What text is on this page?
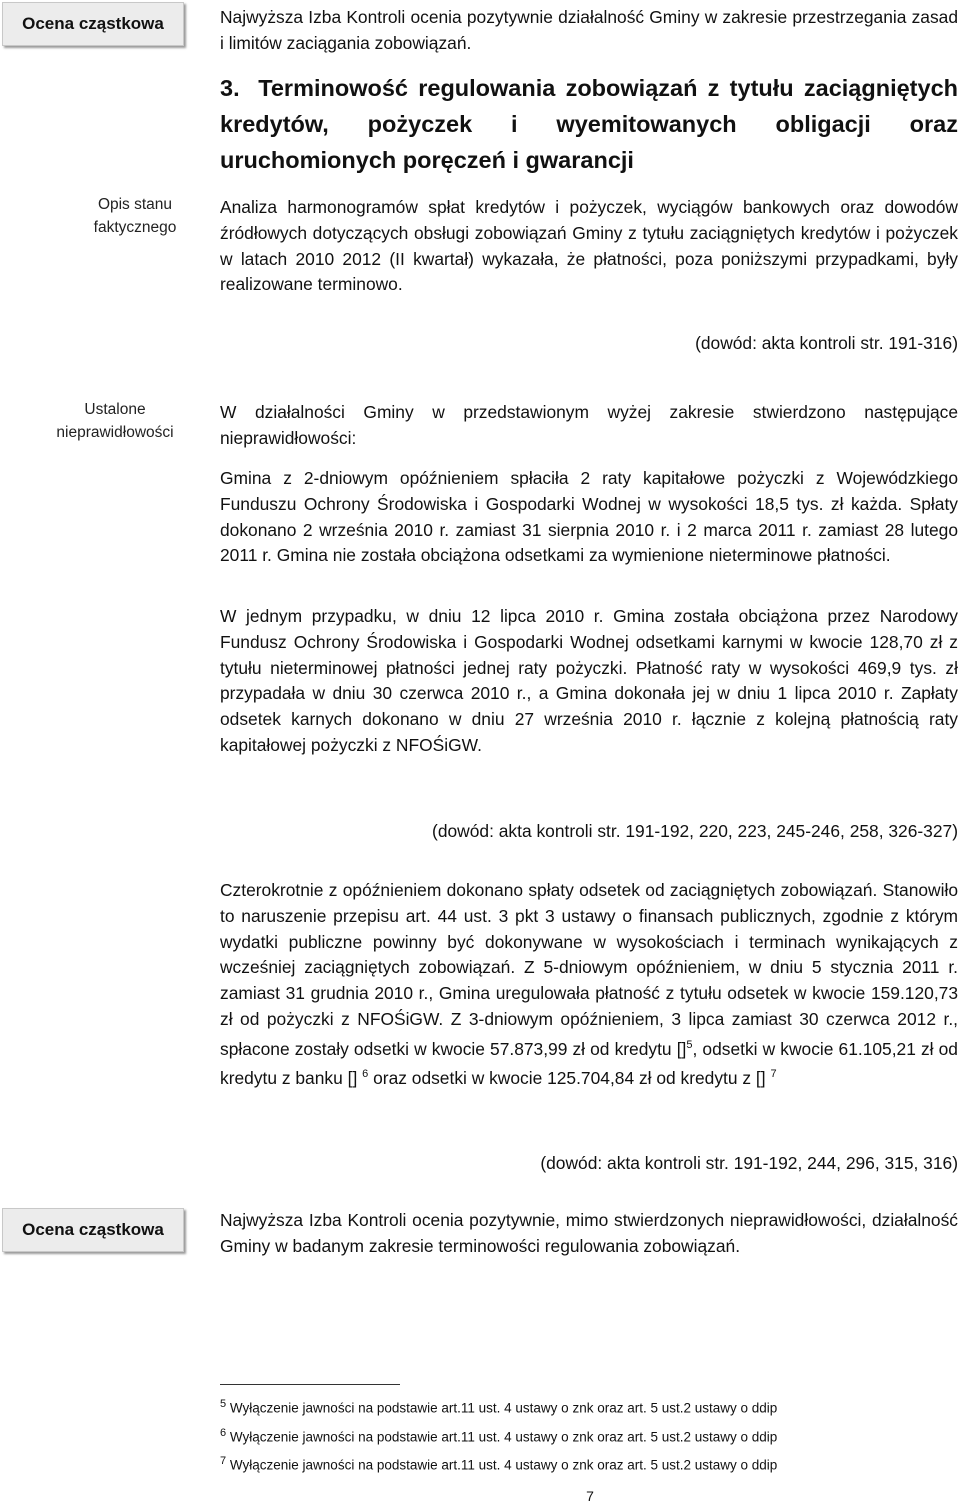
Ocena cząstkowa	Najwyższa Izba Kontroli ocenia pozytywnie działalność Gminy w zakresie przestrzegania zasad i limitów zaciągania zobowiązań.
3. Terminowość regulowania zobowiązań z tytułu zaciągniętych kredytów, pożyczek i wyemitowanych obligacji oraz uruchomionych poręczeń i gwarancji
Opis stanu faktycznego
Analiza harmonogramów spłat kredytów i pożyczek, wyciągów bankowych oraz dowodów źródłowych dotyczących obsługi zobowiązań Gminy z tytułu zaciągniętych kredytów i pożyczek w latach 2010 2012 (II kwartał) wykazała, że płatności, poza poniższymi przypadkami, były realizowane terminowo.
(dowód: akta kontroli str. 191-316)
Ustalone nieprawidłowości
W działalności Gminy w przedstawionym wyżej zakresie stwierdzono następujące nieprawidłowości:
Gmina z 2-dniowym opóźnieniem spłaciła 2 raty kapitałowe pożyczki z Wojewódzkiego Funduszu Ochrony Środowiska i Gospodarki Wodnej w wysokości 18,5 tys. zł każda. Spłaty dokonano 2 września 2010 r. zamiast 31 sierpnia 2010 r. i 2 marca 2011 r. zamiast 28 lutego 2011 r. Gmina nie została obciążona odsetkami za wymienione nieterminowe płatności.
W jednym przypadku, w dniu 12 lipca 2010 r. Gmina została obciążona przez Narodowy Fundusz Ochrony Środowiska i Gospodarki Wodnej odsetkami karnymi w kwocie 128,70 zł z tytułu nieterminowej płatności jednej raty pożyczki. Płatność raty w wysokości 469,9 tys. zł przypadała w dniu 30 czerwca 2010 r., a Gmina dokonała jej w dniu 1 lipca 2010 r. Zapłaty odsetek karnych dokonano w dniu 27 września 2010 r. łącznie z kolejną płatnością raty kapitałowej pożyczki z NFOŚiGW.
(dowód: akta kontroli str. 191-192, 220, 223, 245-246, 258, 326-327)
Czterokrotnie z opóźnieniem dokonano spłaty odsetek od zaciągniętych zobowiązań. Stanowiło to naruszenie przepisu art. 44 ust. 3 pkt 3 ustawy o finansach publicznych, zgodnie z którym wydatki publiczne powinny być dokonywane w wysokościach i terminach wynikających z wcześniej zaciągniętych zobowiązań. Z 5-dniowym opóźnieniem, w dniu 5 stycznia 2011 r. zamiast 31 grudnia 2010 r., Gmina uregulowała płatność z tytułu odsetek w kwocie 159.120,73 zł od pożyczki z NFOŚiGW. Z 3-dniowym opóźnieniem, 3 lipca zamiast 30 czerwca 2012 r., spłacone zostały odsetki w kwocie 57.873,99 zł od kredytu []$^5$, odsetki w kwocie 61.105,21 zł od kredytu z banku [] $^6$ oraz odsetki w kwocie 125.704,84 zł od kredytu z [] $^7$
(dowód: akta kontroli str. 191-192, 244, 296, 315, 316)
Ocena cząstkowa	Najwyższa Izba Kontroli ocenia pozytywnie, mimo stwierdzonych nieprawidłowości, działalność Gminy w badanym zakresie terminowości regulowania zobowiązań.
$^5$ Wyłączenie jawności na podstawie art.11 ust. 4 ustawy o znk oraz art. 5 ust.2 ustawy o ddip
$^6$ Wyłączenie jawności na podstawie art.11 ust. 4 ustawy o znk oraz art. 5 ust.2 ustawy o ddip
$^7$ Wyłączenie jawności na podstawie art.11 ust. 4 ustawy o znk oraz art. 5 ust.2 ustawy o ddip
7
